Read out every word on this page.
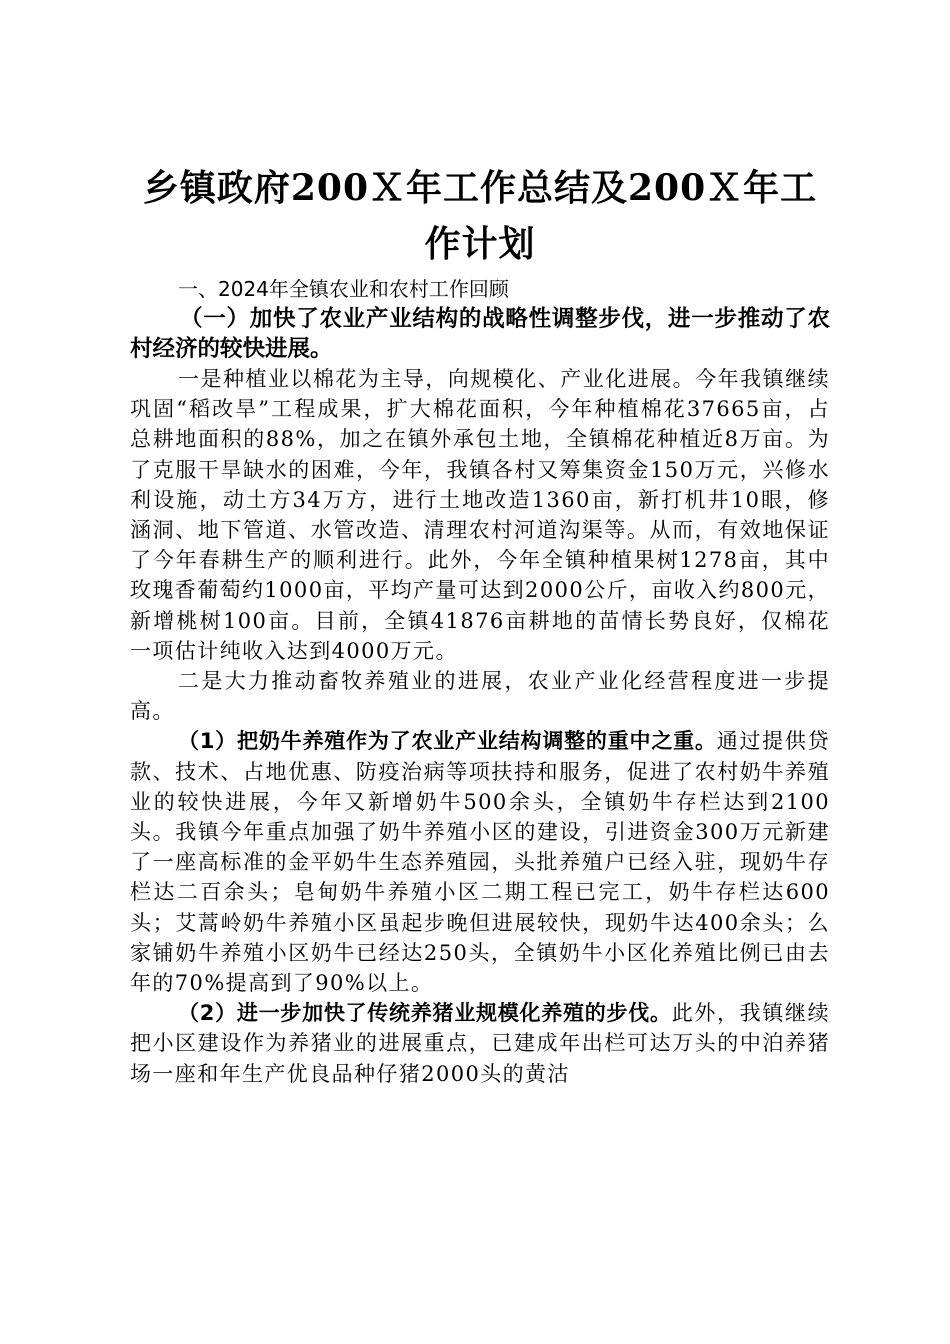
乡镇政府200Ｘ年工作总结及200Ｘ年工作计划

一、2024年全镇农业和农村工作回顾

（一）加快了农业产业结构的战略性调整步伐，进一步推动了农村经济的较快进展。

一是种植业以棉花为主导，向规模化、产业化进展。今年我镇继续巩固“稻改旱”工程成果，扩大棉花面积，今年种植棉花37665亩，占总耕地面积的88%，加之在镇外承包土地，全镇棉花种植近8万亩。为了克服干旱缺水的困难，今年，我镇各村又筹集资金150万元，兴修水利设施，动土方34万方，进行土地改造1360亩，新打机井10眼，修涵洞、地下管道、水管改造、清理农村河道沟渠等。从而，有效地保证了今年春耕生产的顺利进行。此外，今年全镇种植果树1278亩，其中玫瑰香葡萄约1000亩，平均产量可达到2000公斤，亩收入约800元，新增桃树100亩。目前，全镇41876亩耕地的苗情长势良好，仅棉花一项估计纯收入达到4000万元。

二是大力推动畜牧养殖业的进展，农业产业化经营程度进一步提高。

（1）把奶牛养殖作为了农业产业结构调整的重中之重。通过提供贷款、技术、占地优惠、防疫治病等项扶持和服务，促进了农村奶牛养殖业的较快进展，今年又新增奶牛500余头，全镇奶牛存栏达到2100头。我镇今年重点加强了奶牛养殖小区的建设，引进资金300万元新建了一座高标准的金平奶牛生态养殖园，头批养殖户已经入驻，现奶牛存栏达二百余头；皂甸奶牛养殖小区二期工程已完工，奶牛存栏达600头；艾蒿岭奶牛养殖小区虽起步晚但进展较快，现奶牛达400余头；么家铺奶牛养殖小区奶牛已经达250头，全镇奶牛小区化养殖比例已由去年的70%提高到了90%以上。

（2）进一步加快了传统养猪业规模化养殖的步伐。此外，我镇继续把小区建设作为养猪业的进展重点，已建成年出栏可达万头的中泊养猪场一座和年生产优良品种仔猪2000头的黄沽
